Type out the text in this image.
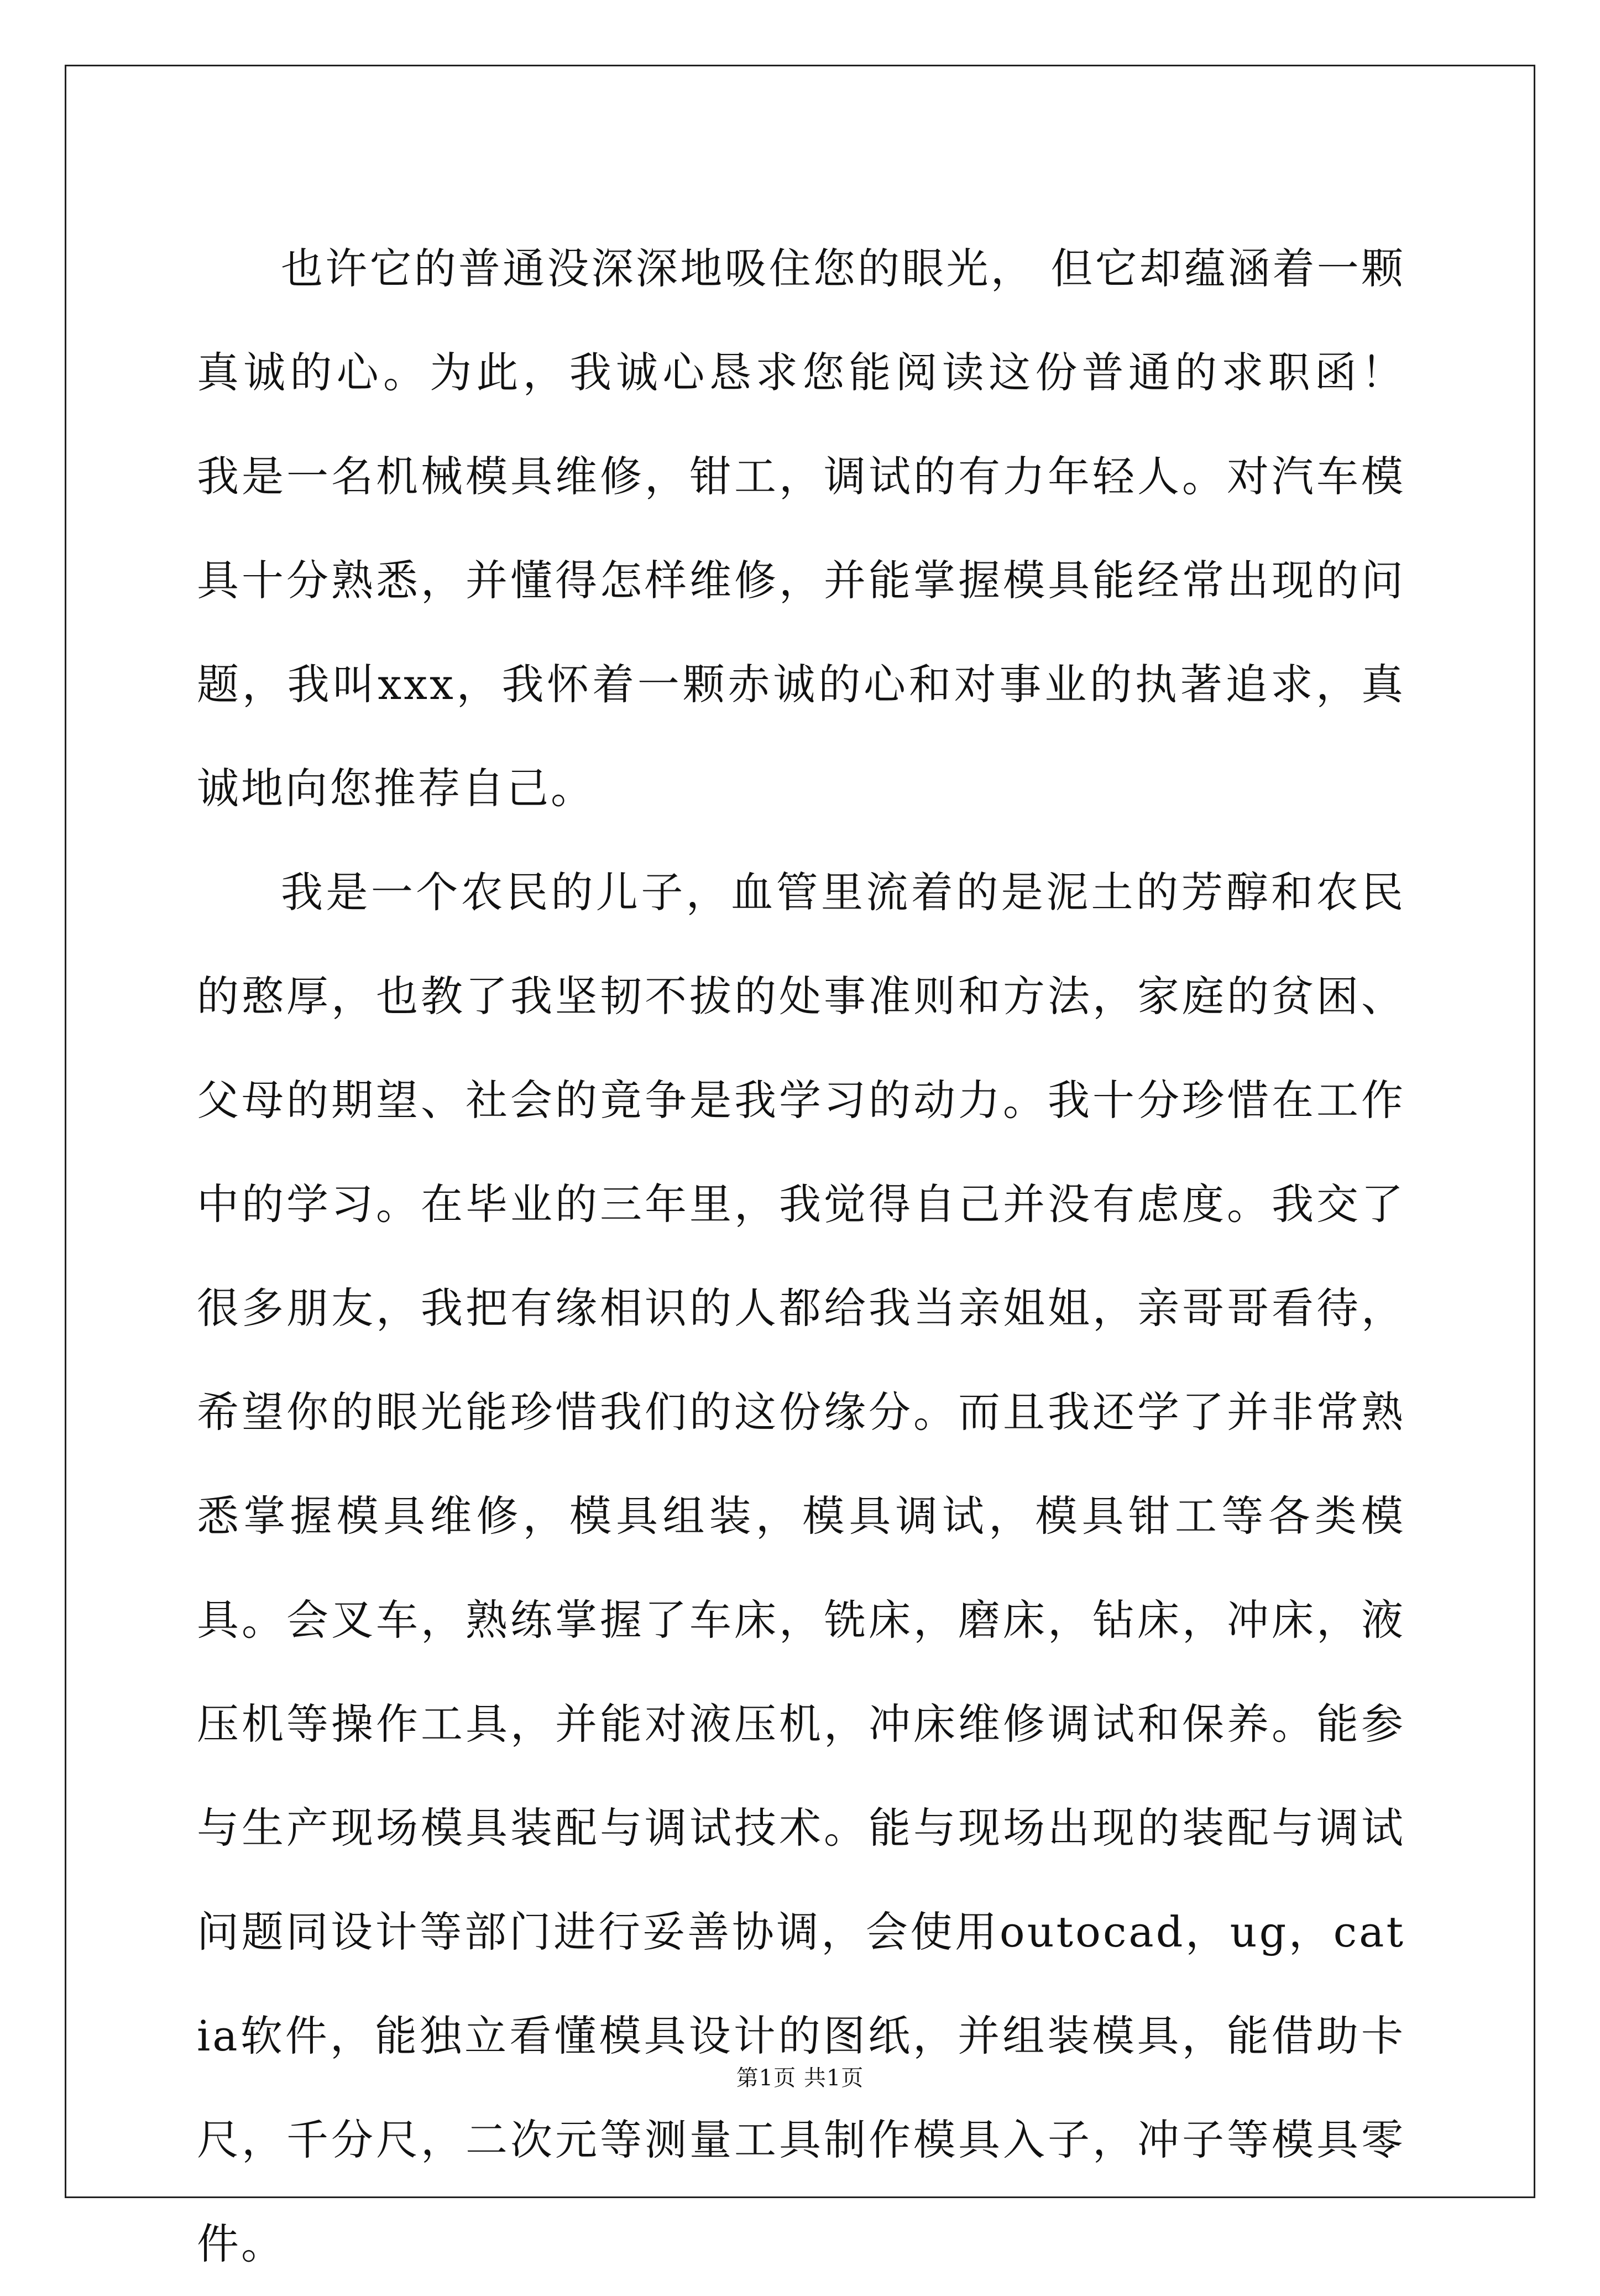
也许它的普通没深深地吸住您的眼光， 但它却蕴涵着一颗真诚的心。为此，我诚心恳求您能阅读这份普通的求职函！ 我是一名机械模具维修，钳工，调试的有力年轻人。对汽车模具十分熟悉，并懂得怎样维修，并能掌握模具能经常出现的问题，我叫xxx，我怀着一颗赤诚的心和对事业的执著追求，真诚地向您推荐自己。

我是一个农民的儿子，血管里流着的是泥土的芳醇和农民的憨厚，也教了我坚韧不拔的处事准则和方法，家庭的贫困、父母的期望、社会的竟争是我学习的动力。我十分珍惜在工作中的学习。在毕业的三年里，我觉得自己并没有虑度。我交了很多朋友，我把有缘相识的人都给我当亲姐姐，亲哥哥看待，希望你的眼光能珍惜我们的这份缘分。而且我还学了并非常熟悉掌握模具维修，模具组装，模具调试，模具钳工等各类模具。会叉车，熟练掌握了车床，铣床，磨床，钻床，冲床，液压机等操作工具，并能对液压机，冲床维修调试和保养。能参与生产现场模具装配与调试技术。能与现场出现的装配与调试问题同设计等部门进行妥善协调，会使用outocad，ug，catia软件，能独立看懂模具设计的图纸，并组装模具，能借助卡尺，千分尺，二次元等测量工具制作模具入子，冲子等模具零件。

第1页 共1页
